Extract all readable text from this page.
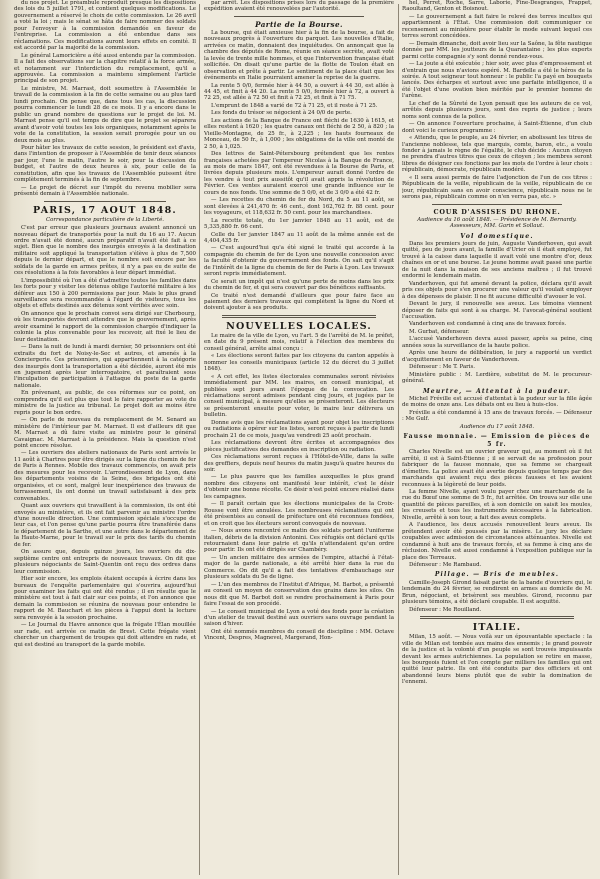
du nos projet. Le préambule reproduit presque les dispositions des lois du 5 juillet 1791, et contient quelques modifications. Le gouvernement a réservé le choix de cette commission. Le 26 avril a voté la loi ; mais le sénat se hâta de faire nommer des soldats pour l'envoyer à la commission demandée en faveur de l'entreprise. La commission a été entendue dans ses réclamations. Ces modifications auront leurs effets en comité. Il est accordé par la majorité de la commission.

Le général Lamoricière a été aussi entendu par la commission. Il a fait des observations sur la chapitre relatif à la force armée, et notamment sur l'interdiction du remplacement, qu'il a approuvée. La commission a maintenu simplement l'article principal de son projet.

Le ministre, M. Marrast, doit soumettre à l'Assemblée le travail de la commission à la fin de cette semaine ou au plus tard lundi prochain. On pense que, dans tous les cas, la discussion pourra commencer le lundi 28 de ce mois. Il y a encore dans le public un grand nombre de questions sur le projet de loi. M. Marrast pense qu'il est temps de dire que le projet se séparera avant d'avoir voté toutes les lois organiques, notamment après le vote de la constitution, la session serait prorogée pour un ou deux mois au plus.

Pour hâter les travaux de cette session, le président est d'avis, dans l'intention de proposer à l'Assemblée de tenir deux séances par jour, l'une le matin, l'autre le soir, pour la discussion du budget, et l'autre de deux heures à six, pour celle de la constitution, afin que les travaux de l'Assemblée puissent être complètement terminés à la fin de septembre.

— Le projet de décret sur l'impôt du revenu mobilier sera présenté demain à l'Assemblée nationale.

PARIS, 17 AOUT 1848.

Correspondance particulière de la Liberté.

C'est par erreur que plusieurs journaux avaient annoncé un nouveau départ de transportés pour la nuit du 16 au 17. Aucun ordre n'avait été donné, aucun préparatif n'avait été fait à ce sujet. Bien que le nombre des insurgés envoyés à la destination militaire soit appliqué la transportation s'élève à plus de 7,500 depuis le dernier départ, et que le nombre soit encore par les soldats de la garde en armes prêtes, il n'y a pas eu de suite de ces résolutions à la fois favorables à leur départ immédiat.

L'impossibilité où l'on a été d'admettre toutes les familles dans les forts pour y visiter les détenus oblige l'autorité militaire à les déférer aux 150 à 200 permissions par jour. Mais le plus grand surveillance sera recommandée à l'égard de visiteurs, tous les objets et effets destinés aux détenus sont vérifiés avec soin.

On annonce que le prochain convoi sera dirigé sur Cherbourg, où les transportés devront attendre que le gouvernement, après avoir examiné le rapport de la commission chargée d'indiquer la colonie la plus convenable pour les recevoir, ait fixé le lieu de leur destination.

— Dans la nuit de lundi à mardi dernier, 50 prisonniers ont été extraits du fort de Noisy-le-Sec et autres, et amenés à la Conciergerie. Ces prisonniers, qui appartiennent à la catégorie des insurgés dont la transportation a été décidée, auront été mis en jugement après leur interrogatoire, et paraîtraient sous l'inculpation de participation à l'attaque du poste de la garde nationale.

En prévenant, au public, de ces réformes sur ce point, on comprendra qu'il est plus que tout le faire rapporter au vote du ministre de la justice au tribunal. Le projet doit au moins être repris pour le bon ordre.

— On parle de nouveau du remplacement de M. Senard au ministère de l'intérieur par M. Marrast. Il est d'ailleurs dit que M. Marrast a dû faire visite au ministre pour le général Cavaignac. M. Marrast à la présidence. Mais la question n'est point encore résolue.

— Les ouvriers des ateliers nationaux de Paris sont arrivés le 11 août à Chartres pour être dirigés sur la ligne du chemin de fer de Paris à Rennes. Mobile des travaux commencés, on avait pris des mesures pour les recevoir. L'arrondissement de Lyon, dans les départements voisins de la Seine, des brigades ont été organisées, et ce sont, malgré leur inexpérience des travaux de terrassement, ils ont donné un travail satisfaisant à des prix convenables.

Quant aux ouvriers qui travaillent à la commission, ils ont été envoyés au ministère, et ils ont fait parvenir au ministre l'ordre d'une nouvelle direction. Une commission spéciale s'occupe de leur cas, et l'on pense qu'une partie pourra être transférée dans le département de la Sarthe, et une autre dans le département de la Haute-Marne, pour le travail sur le prix des tarifs du chemin de fer.

On assure que, depuis quinze jours, les ouvriers du dix-septième centre ont entrepris de nouveaux travaux. On dit que plusieurs négociants de Saint-Quentin ont reçu des ordres dans leur commission.

Hier soir encore, les emplois étaient occupés à écrire dans les bureaux de l'enquête parlementaire qui s'ouvrira aujourd'hui pour examiner les faits qui ont été rendus ; il en résulte que le ministère est tout à fait clair sur ces points, et l'on annonce que demain la commission se réunira de nouveau pour entendre le rapport de M. Bauchart et les pièces à l'appui dont la lecture sera renvoyée à la session prochaine.

— Le Journal du Havre annonce que la frégate l'Élan mouillée sur rade, est arrivée ce matin de Brest. Cette frégate vient chercher un chargement de troupes qui doit attendre en rade, et qui est destiné au transport de la garde mobile.

par arrêt. Les dispositions prises lors du passage de la première expédition avaient été renouvelées par l'autorité.

Partie de la Bourse.

La bourse, qui était anxieuse hier à la fin de la bourse, a fait de nouveaux progrès à l'ouverture du parquet. Les nouvelles d'Italie, arrivées ce matin, donnaient des inquiétudes. On annonçait que la chambre des députés de Rome, réunie en séance secrète, avait voté la levée de trente mille hommes, et que l'intervention française était sollicitée. On disait qu'une partie de la flotte de Toulon était en observation et prête à partir. Le sentiment de la place était que les événements en Italie pourraient amener la reprise de la guerre.

La rente 5 0/0, fermée hier à 44 50, a ouvert à 44 30, est allée à 44 45, et finit à 44 20. La rente 5 0/0, fermée hier à 72, a ouvert à 72 25, est allée à 72 50 et finit à 72 25, et finit à 71 75.

L'emprunt de 1848 a varié de 72 à 71 25, et il reste à 71 25.

Les fonds du trésor se négocient à 24 0/0 de perte.

Les actions de la Banque de France ont fléchi de 1630 à 1615, et elles restent à 1620 ; les quatre canaux ont fléchi de 2 50, à 820 ; la Vieille-Montagne, de 25 fr., à 2,225 ; les hauts fourneaux de Monceau, de 50 fr., à 1,000 ; les obligations de la ville ont monté de 2 50, à 1,025.

Des lettres de Saint-Pétersbourg prétendent que les rentes françaises achetées par l'empereur Nicolas à la Banque de France, au mois de mars 1847, ont été revendues à la Bourse de Paris, et livrées depuis plusieurs mois. L'empereur aurait donné l'ordre de les vendre à tout prix aussitôt qu'il avait appris la révolution de Février. Ces ventes auraient exercé une grande influence sur le cours de nos fonds. Une somme de 5 0/0, et de 3 0/0 a été 42 fr.

— Les recettes du chemin de fer du Nord, du 5 au 11 août, se sont élevées à 241,470 fr. 46 cent., dont 162,762 fr. 88 cent. pour les voyageurs, et 118,632 fr. 50 cent. pour les marchandises.

La recette totale, du 1er janvier 1848 au 11 août, est de 5,335,880 fr. 66 cent.

Celle du 1er janvier 1847 au 11 août de la même année est de 4,404,435 fr.

— C'est aujourd'hui qu'a été signé le traité qui accorde à la compagnie du chemin de fer de Lyon une nouvelle concession avec la faculté d'obtenir du gouvernement des fonds. On sait qu'il s'agit de l'intérêt de la ligne du chemin de fer de Paris à Lyon. Les travaux seront repris immédiatement.

Ce serait un impôt qui n'est qu'une perte de moins dans les prix du chemin de fer, et qui sera couvert par des bénéfices suffisants.

Ce traité n'est demandé d'ailleurs que pour faire face au paiement des derniers travaux qui complètent la ligne du Nord et doivent ajouter à ses produits.

NOUVELLES LOCALES.

Le maire de la ville de Lyon, vu l'art. 5 de l'arrêté de M. le préfet, en date du 9 présent mois, relatif à l'élection des membres du conseil général, arrête ainsi conçu :

« Les élections seront faites par les citoyens du canton appelés à nommer les conseils municipaux (article 12 du décret du 3 juillet 1848).

« A cet effet, les listes électorales communales seront révisées immédiatement par MM. les maires, en conseil municipal, et publiées sept jours avant l'époque de la convocation. Les réclamations seront admises pendant cinq jours, et jugées par le conseil municipal, à mesure qu'elles se présenteront. Les électeurs se présenteront ensuite pour voter, le maire leur délivrera un bulletin.

Donne avis que les réclamations ayant pour objet les inscriptions ou radiations à opérer sur les listes, seront reçues à partir de lundi prochain 21 de ce mois, jusqu'au vendredi 25 août prochain.

Les réclamations devront être écrites et accompagnées des pièces justificatives des demandes en inscription ou radiation.

Ces réclamations seront reçues à l'Hôtel-de-Ville, dans la salle des greffiers, depuis neuf heures du matin jusqu'à quatre heures du soir.

— Le plus pauvre que les familles auxquelles le plus grand nombre des citoyens ont manifesté leur intérêt, c'est le désir d'obtenir une bonne récolte. Ce désir n'est point encore réalisé dans les campagnes.

— Il paraît certain que les élections municipales de la Croix-Rousse vont être annulées. Les nombreuses réclamations qui ont été présentées au conseil de préfecture ont été reconnues fondées, et on croit que les électeurs seront convoqués de nouveau.

— Nous avons rencontré ce matin des soldats portant l'uniforme italien, débris de la division Antonini. Ces réfugiés ont déclaré qu'ils retournaient dans leur patrie et qu'ils n'attendaient qu'un ordre pour partir. Ils ont été dirigés sur Chambéry.

— Un ancien militaire des armées de l'empire, attaché à l'état-major de la garde nationale, a été arrêté hier dans la rue du Commerce. On dit qu'il a fait des tentatives d'embauchage sur plusieurs soldats du 5e de ligne.

— L'un des membres de l'Institut d'Afrique, M. Barbot, a présenté au conseil un moyen de conservation des grains dans les silos. On nous dit que M. Barbot doit se rendre prochainement à Paris pour faire l'essai de son procédé.

— Le conseil municipal de Lyon a voté des fonds pour la création d'un atelier de travail destiné aux ouvriers sans ouvrage pendant la saison d'hiver.

Ont été nommés membres du conseil de discipline : MM. Octave Vincent, Despres, Magnevel, Margerand, Hon-

hel, Perret, Roche, Sarre, Laborie, Fine-Desgranges, Frappet, Raoultand, Genton et Boisnout.

— Le gouvernement a fait faire le relevé des terres incultes qui appartiennent à l'État. Une commission doit communiquer ce recensement au ministère pour établir le mode suivant lequel ces terres seront concédées.

— Demain dimanche, doit avoir lieu sur la Saône, la fête nautique donnée par MM. les joutteurs de la Quarantaine ; les plus experts parmi cette compagnie s'y sont donné rendez-vous.

— La joute a été exécutée ; hier soir, avec plus d'empressement et d'entrain que nous n'avions espéré. M. Bardelle a été le héros de la soirée. A tout seigneur tout honneur : le public l'a payé en bouquets lancés. Des écharpes et surtout avec une parfaite intelligence, il a été l'objet d'une ovation bien méritée par le premier homme de l'arène.

Le chef de la Sûreté de Lyon pensait que les auteurs de ce vol, arrêtés depuis plusieurs jours, sont des repris de justice ; leurs noms sont connus de la police.

— On annonce l'ouverture prochaine, à Saint-Étienne, d'un club dont voici le curieux programme :

« Attendu, que le peuple, au 24 février, en abolissant les titres de l'ancienne noblesse, tels que marquis, comte, baron, etc., a voulu fonder à jamais le règne de l'égalité, le club décide : Aucun citoyen ne prendra d'autres titres que ceux de citoyen ; les membres seront libres de désigner ces fonctions par les mots de l'ordre à leur choix : républicain, démocrate, républicain modéré.

« Il sera aussi permis de faire l'adjonction de l'un de ces titres : Républicain de la veille, républicain de la veille, républicain de ce jour, républicain sans en avoir conscience, républicain nous ne le serons pas, républicain comme on n'en verra pas, etc. »

COUR D'ASSISES DU RHONE.

Audience du 16 août 1848. — Présidence de M. Bernardy. Assesseurs, MM. Garin et Sollaut.

Vol domestique.

Dans les premiers jours de juin, Auguste Vanderhoven, qui avait quitté, peu de jours avant, la famille d'Urier où il était employé, fut trouvé à la caisse dans laquelle il avait volé une montre d'or, deux chaînes en or et une bourse. Le jeune homme avait passé une partie de la nuit dans la maison de ses anciens maîtres ; il fut trouvé endormi le lendemain matin.

Vanderhoven, qui fut amené devant la police, déclara qu'il avait pris ces objets pour s'en procurer une valeur qu'il voulait employer à des dépenses de plaisir. Il ne fit aucune difficulté d'avouer le vol.

Devant le jury, il renouvelle ses aveux. Les témoins viennent déposer de faits qui sont à sa charge. M. l'avocat-général soutient l'accusation.

Vanderhoven est condamné à cinq ans de travaux forcés.

M. Gurbat, défenseur.

L'accusé Vanderhoven devra aussi passer, après sa peine, cinq années sous la surveillance de la haute police.

Après une heure de délibération, le jury a rapporté un verdict d'acquittement en faveur de Vanderhoven.

Défenseur : Me T. Paris.

Ministère public : M. Lerdière, substitut de M. le procureur-général.

Meurtre, — Attentat à la pudeur.

Michel Fréville est accusé d'attentat à la pudeur sur la fille âgée de moins de onze ans. Les débats ont eu lieu à huis-clos.

Fréville a été condamné à 15 ans de travaux forcés. — Défenseur : Me Gulf.

Audience du 17 août 1848.

Fausse monnaie. — Emission de pièces de 5 fr.

Charles Nivelle est un ouvrier graveur qui, au moment où il fut arrêté, il est à Saint-Étienne ; il se servait de sa profession pour fabriquer de la fausse monnaie, que sa femme se chargeait d'émettre. La police avait été avertie depuis quelque temps par des marchands qui avaient reçu des pièces fausses et les avaient reconnues à la légèreté de leur poids.

La femme Nivelle, ayant voulu payer chez une marchande de la rue du Bœuf une somme de 5 fr., fut arrêtée. On trouva sur elle une quantité de pièces pareilles, et à son domicile on saisit les moules, les creusets et tous les instruments nécessaires à la fabrication. Nivelle, arrêté à son tour, a fait des aveux complets.

A l'audience, les deux accusés renouvellent leurs aveux. Ils prétendent avoir été poussés par la misère. Le jury les déclare coupables avec admission de circonstances atténuantes. Nivelle est condamné à huit ans de travaux forcés, et sa femme à cinq ans de réclusion. Nivelle est aussi condamné à l'exposition publique sur la place des Terreaux.

Défenseur : Me Rambaud.

Pillage. — Bris de meubles.

Camille-Joseph Girond faisait partie de la bande d'ouvriers qui, le lendemain du 24 février, se rendirent en armes au domicile de M. Brun, négociant, et brisèrent ses meubles. Girond, reconnu par plusieurs témoins, a été déclaré coupable. Il est acquitté.

Défenseur : Me Rouilland.

ITALIE.

Milan, 15 août. — Nous voilà sur un épouvantable spectacle : la ville de Milan est tombée aux mains des ennemis ; le grand pouvoir de la justice et la volonté d'un peuple se sont trouvés impuissants devant les armes autrichiennes. La population se retire en masse, les bourgeois fuient et l'on compte par milliers les familles qui ont quitté leur patrie. Ils ont été conduits par des officiers et ont abandonné leurs biens plutôt que de subir la domination de l'ennemi.
